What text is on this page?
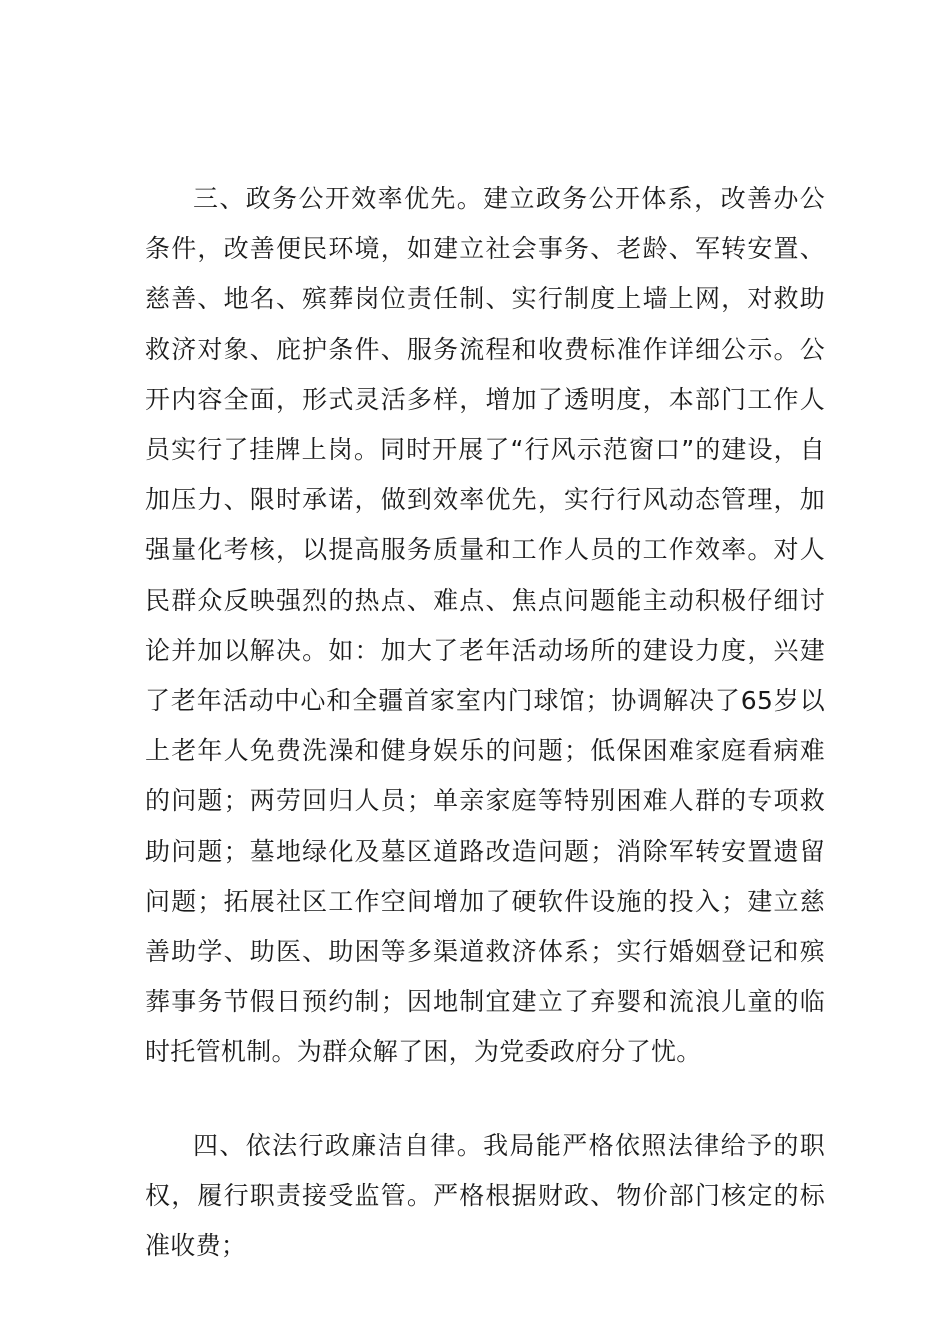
三、政务公开效率优先。建立政务公开体系，改善办公条件，改善便民环境，如建立社会事务、老龄、军转安置、慈善、地名、殡葬岗位责任制、实行制度上墙上网，对救助救济对象、庇护条件、服务流程和收费标准作详细公示。公开内容全面，形式灵活多样，增加了透明度，本部门工作人员实行了挂牌上岗。同时开展了“行风示范窗口”的建设，自加压力、限时承诺，做到效率优先，实行行风动态管理，加强量化考核，以提高服务质量和工作人员的工作效率。对人民群众反映强烈的热点、难点、焦点问题能主动积极仔细讨论并加以解决。如：加大了老年活动场所的建设力度，兴建了老年活动中心和全疆首家室内门球馆；协调解决了65岁以上老年人免费洗澡和健身娱乐的问题；低保困难家庭看病难的问题；两劳回归人员；单亲家庭等特别困难人群的专项救助问题；墓地绿化及墓区道路改造问题；消除军转安置遗留问题；拓展社区工作空间增加了硬软件设施的投入；建立慈善助学、助医、助困等多渠道救济体系；实行婚姻登记和殡葬事务节假日预约制；因地制宜建立了弃婴和流浪儿童的临时托管机制。为群众解了困，为党委政府分了忧。

四、依法行政廉洁自律。我局能严格依照法律给予的职权，履行职责接受监管。严格根据财政、物价部门核定的标准收费；
